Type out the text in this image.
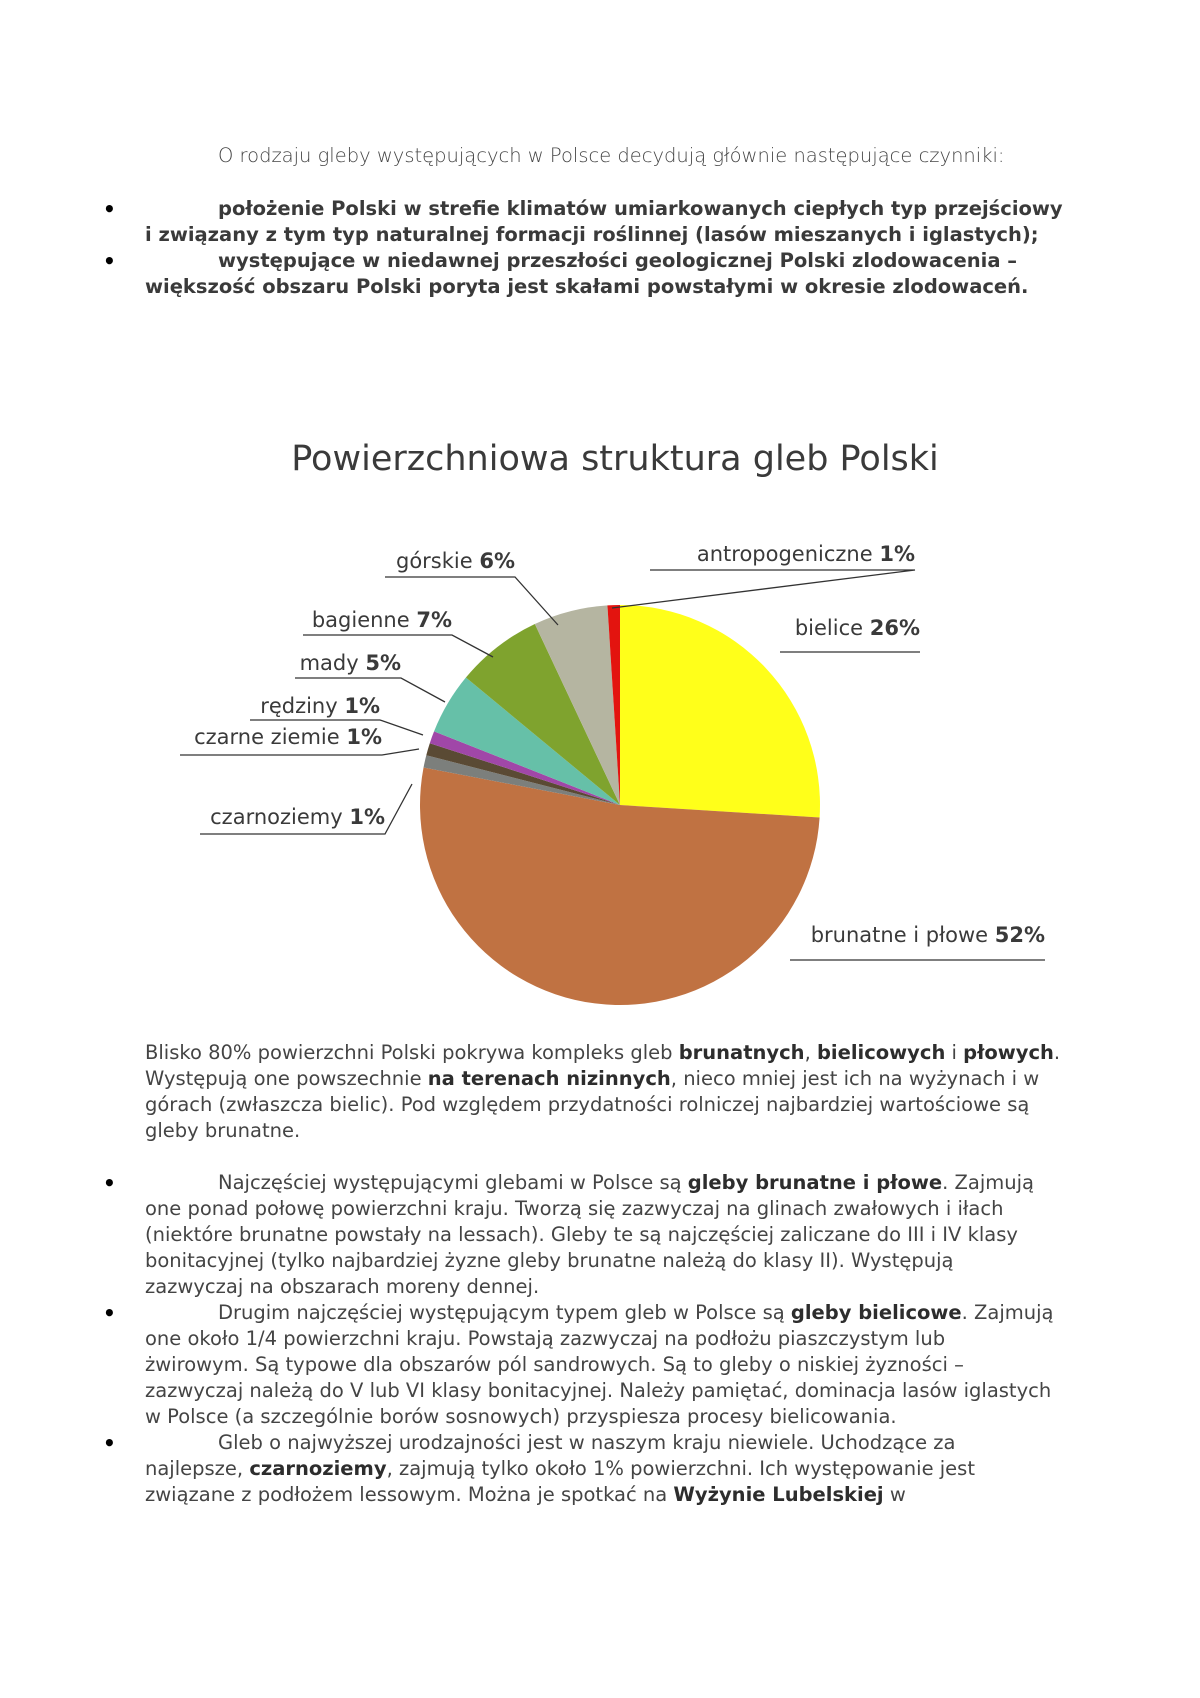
O rodzaju gleby występujących w Polsce decydują głównie następujące czynniki:

•	położenie Polski w strefie klimatów umiarkowanych ciepłych typ przejściowy i związany z tym typ naturalnej formacji roślinnej (lasów mieszanych i iglastych);
•	występujące w niedawnej przeszłości geologicznej Polski zlodowacenia – większość obszaru Polski poryta jest skałami powstałymi w okresie zlodowaceń.
Powierzchniowa struktura gleb Polski
bielice 26%
brunatne i płowe 52%
czarnoziemy 1%
czarne ziemie 1%
rędziny 1%
mady 5%
bagienne 7%
górskie 6%	antropogeniczne 1%

Blisko 80% powierzchni Polski pokrywa kompleks gleb brunatnych, bielicowych i płowych. Występują one powszechnie na terenach nizinnych, nieco mniej jest ich na wyżynach i w górach (zwłaszcza bielic). Pod względem przydatności rolniczej najbardziej wartościowe są gleby brunatne.

•	Najczęściej występującymi glebami w Polsce są gleby brunatne i płowe. Zajmują one ponad połowę powierzchni kraju. Tworzą się zazwyczaj na glinach zwałowych i iłach (niektóre brunatne powstały na lessach). Gleby te są najczęściej zaliczane do III i IV klasy bonitacyjnej (tylko najbardziej żyzne gleby brunatne należą do klasy II). Występują zazwyczaj na obszarach moreny dennej.
•	Drugim najczęściej występującym typem gleb w Polsce są gleby bielicowe. Zajmują one około 1/4 powierzchni kraju. Powstają zazwyczaj na podłożu piaszczystym lub żwirowym. Są typowe dla obszarów pól sandrowych. Są to gleby o niskiej żyzności – zazwyczaj należą do V lub VI klasy bonitacyjnej. Należy pamiętać, dominacja lasów iglastych w Polsce (a szczególnie borów sosnowych) przyspiesza procesy bielicowania.
•	Gleb o najwyższej urodzajności jest w naszym kraju niewiele. Uchodzące za najlepsze, czarnoziemy, zajmują tylko około 1% powierzchni. Ich występowanie jest związane z podłożem lessowym. Można je spotkać na Wyżynie Lubelskiej w
